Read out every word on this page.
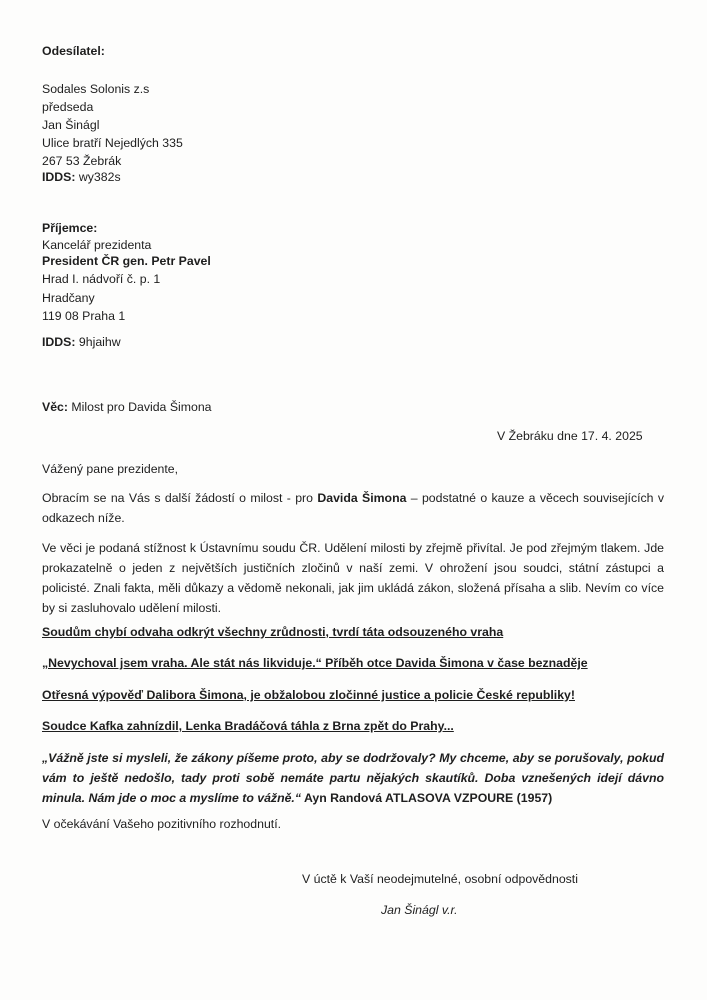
Odesílatel:
Sodales Solonis z.s
předseda
Jan Šinágl
Ulice bratří Nejedlých 335
267 53 Žebrák
IDDS: wy382s
Příjemce:
Kancelář prezidenta
President ČR gen. Petr Pavel
Hrad I. nádvoří č. p. 1
Hradčany
119 08 Praha 1
IDDS: 9hjaihw
Věc: Milost pro Davida Šimona
V Žebráku dne 17. 4. 2025
Vážený pane prezidente,
Obracím se na Vás s další žádostí o milost - pro Davida Šimona – podstatné o kauze a věcech souvisejících v odkazech níže.
Ve věci je podaná stížnost k Ústavnímu soudu ČR. Udělení milosti by zřejmě přivítal. Je pod zřejmým tlakem. Jde prokazatelně o jeden z největších justičních zločinů v naší zemi. V ohrožení jsou soudci, státní zástupci a policisté. Znali fakta, měli důkazy a vědomě nekonali, jak jim ukládá zákon, složená přísaha a slib. Nevím co více by si zasluhovalo udělení milosti.
Soudům chybí odvaha odkrýt všechny zrůdnosti, tvrdí táta odsouzeného vraha
„Nevychoval jsem vraha. Ale stát nás likviduje.“ Příběh otce Davida Šimona v čase beznaděje
Otřesná výpověď Dalibora Šimona, je obžalobou zločinné justice a policie České republiky!
Soudce Kafka zahnízdil, Lenka Bradáčová táhla z Brna zpět do Prahy...
„Vážně jste si mysleli, že zákony píšeme proto, aby se dodržovaly? My chceme, aby se porušovaly, pokud vám to ještě nedošlo, tady proti sobě nemáte partu nějakých skautíků. Doba vznešených idejí dávno minula. Nám jde o moc a myslíme to vážně.“ Ayn Randová ATLASOVA VZPOURE (1957)
V očekávání Vašeho pozitivního rozhodnutí.
V úctě k Vaší neodejmutelné, osobní odpovědnosti
Jan Šinágl v.r.
